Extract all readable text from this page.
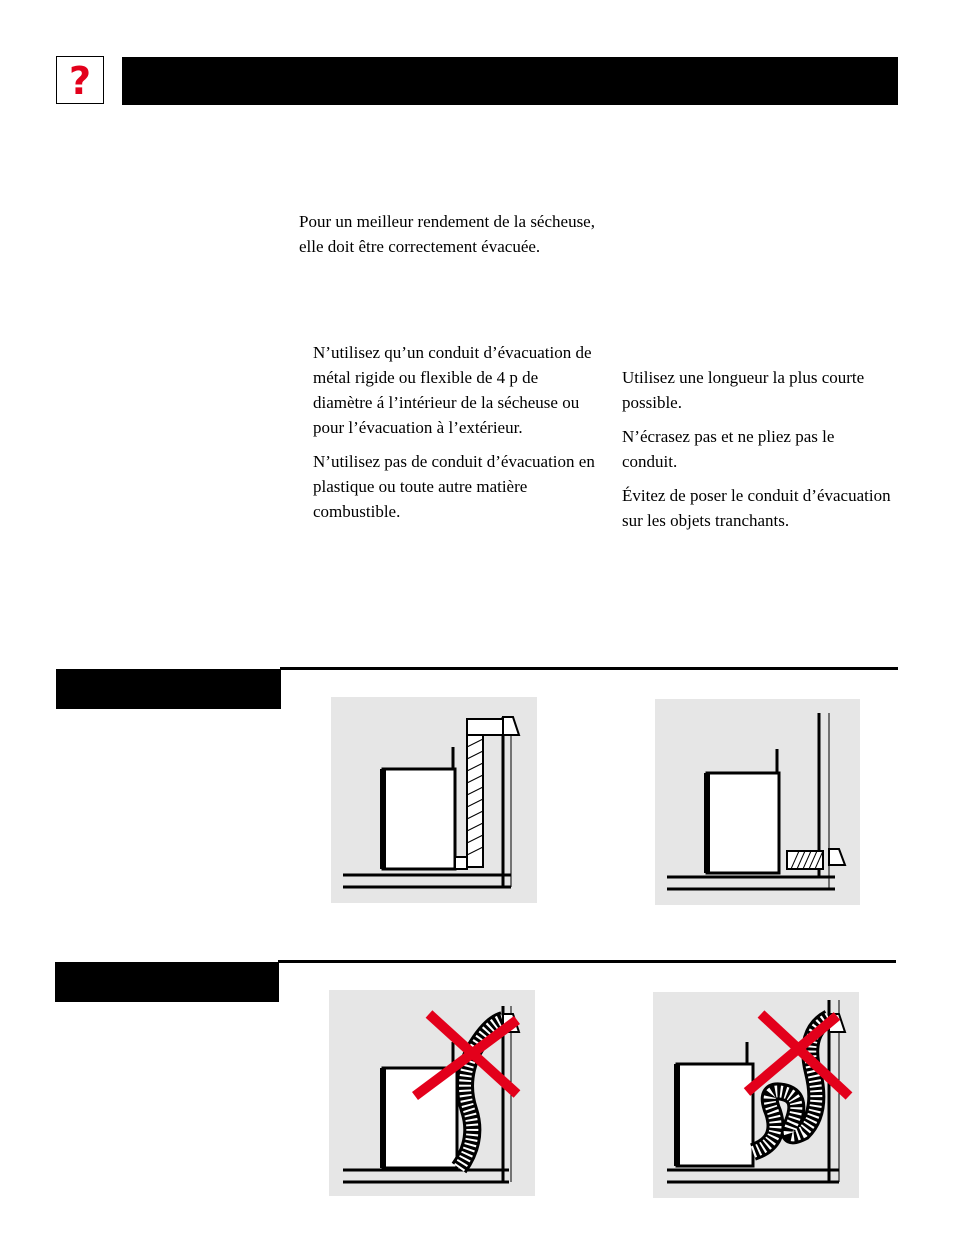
?

Pour un meilleur rendement de la sécheuse, elle doit être correctement évacuée.

N’utilisez qu’un conduit d’évacuation de métal rigide ou flexible de 4 p de diamètre á l’intérieur de la sécheuse ou pour l’évacuation à l’extérieur.

N’utilisez pas de conduit d’évacuation en plastique ou toute autre matière combustible.

Utilisez une longueur la plus courte possible.

N’écrasez pas et ne pliez pas le conduit.

Évitez de poser le conduit d’évacuation sur les objets tranchants.
